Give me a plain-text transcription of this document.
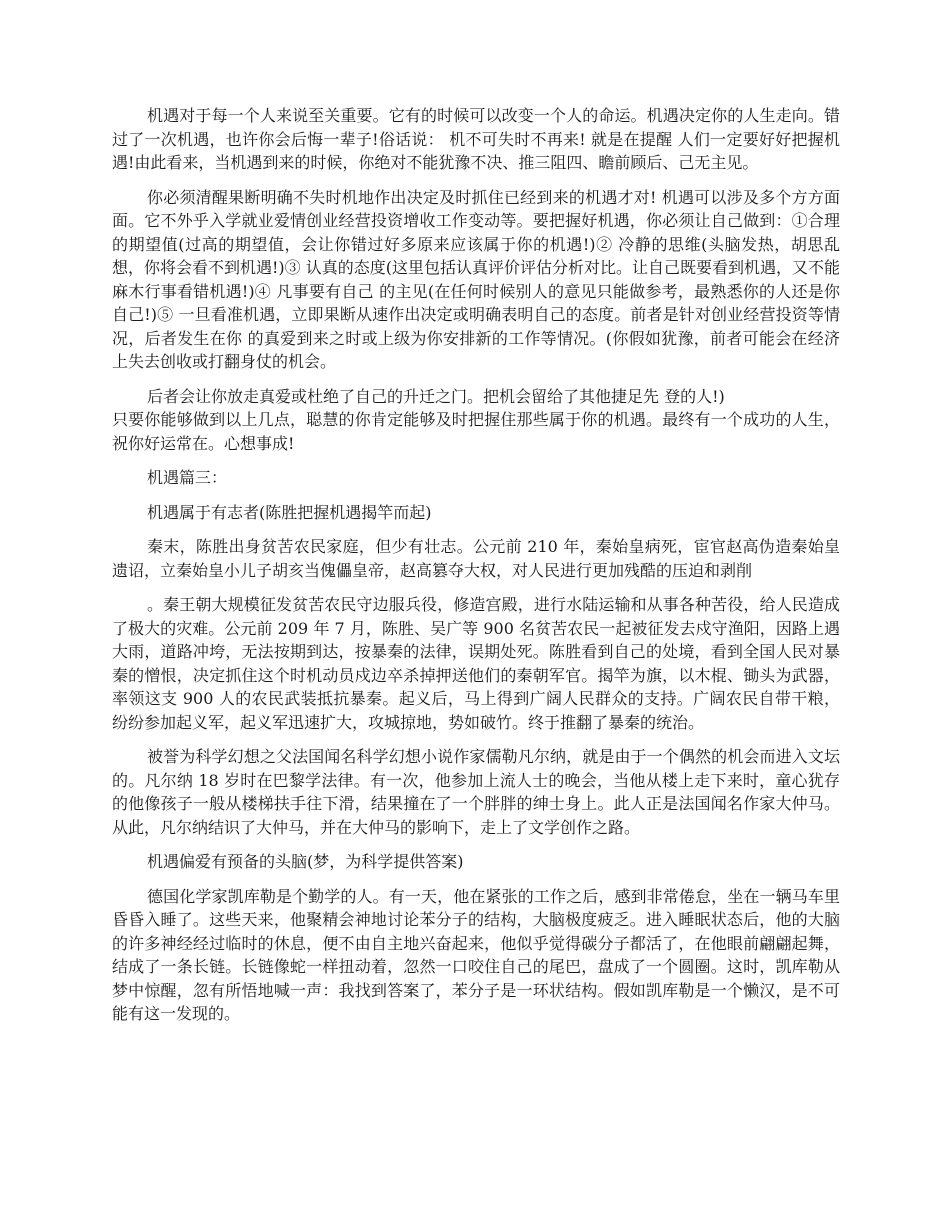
机遇对于每一个人来说至关重要。它有的时候可以改变一个人的命运。机遇决定你的人生走向。错过了一次机遇，也许你会后悔一辈子!俗话说： 机不可失时不再来! 就是在提醒 人们一定要好好把握机遇!由此看来，当机遇到来的时候，你绝对不能犹豫不决、推三阻四、瞻前顾后、己无主见。

你必须清醒果断明确不失时机地作出决定及时抓住已经到来的机遇才对! 机遇可以涉及多个方方面面。它不外乎入学就业爱情创业经营投资增收工作变动等。要把握好机遇，你必须让自己做到：①合理的期望值(过高的期望值，会让你错过好多原来应该属于你的机遇!)② 冷静的思维(头脑发热，胡思乱想，你将会看不到机遇!)③ 认真的态度(这里包括认真评价评估分析对比。让自己既要看到机遇，又不能麻木行事看错机遇!)④ 凡事要有自己 的主见(在任何时候别人的意见只能做参考，最熟悉你的人还是你自己!)⑤ 一旦看准机遇，立即果断从速作出决定或明确表明自己的态度。前者是针对创业经营投资等情况，后者发生在你 的真爱到来之时或上级为你安排新的工作等情况。(你假如犹豫，前者可能会在经济上失去创收或打翻身仗的机会。

后者会让你放走真爱或杜绝了自己的升迁之门。把机会留给了其他捷足先 登的人!)

只要你能够做到以上几点，聪慧的你肯定能够及时把握住那些属于你的机遇。最终有一个成功的人生，祝你好运常在。心想事成!

机遇篇三：

机遇属于有志者(陈胜把握机遇揭竿而起)

秦末，陈胜出身贫苦农民家庭，但少有壮志。公元前 210 年，秦始皇病死，宦官赵高伪造秦始皇遗诏，立秦始皇小儿子胡亥当傀儡皇帝，赵高篡夺大权，对人民进行更加残酷的压迫和剥削

。秦王朝大规模征发贫苦农民守边服兵役，修造宫殿，进行水陆运输和从事各种苦役，给人民造成了极大的灾难。公元前 209 年 7 月，陈胜、吴广等 900 名贫苦农民一起被征发去戍守渔阳，因路上遇大雨，道路冲垮，无法按期到达，按暴秦的法律，误期处死。陈胜看到自己的处境，看到全国人民对暴秦的憎恨，决定抓住这个时机动员戍边卒杀掉押送他们的秦朝军官。揭竿为旗，以木棍、锄头为武器，率领这支 900 人的农民武装抵抗暴秦。起义后，马上得到广阔人民群众的支持。广阔农民自带干粮，纷纷参加起义军，起义军迅速扩大，攻城掠地，势如破竹。终于推翻了暴秦的统治。

被誉为科学幻想之父法国闻名科学幻想小说作家儒勒凡尔纳，就是由于一个偶然的机会而进入文坛的。凡尔纳 18 岁时在巴黎学法律。有一次，他参加上流人士的晚会，当他从楼上走下来时，童心犹存的他像孩子一般从楼梯扶手往下滑，结果撞在了一个胖胖的绅士身上。此人正是法国闻名作家大仲马。从此，凡尔纳结识了大仲马，并在大仲马的影响下，走上了文学创作之路。

机遇偏爱有预备的头脑(梦，为科学提供答案)

德国化学家凯库勒是个勤学的人。有一天，他在紧张的工作之后，感到非常倦怠，坐在一辆马车里昏昏入睡了。这些天来，他聚精会神地讨论苯分子的结构，大脑极度疲乏。进入睡眠状态后，他的大脑的许多神经经过临时的休息，便不由自主地兴奋起来，他似乎觉得碳分子都活了，在他眼前翩翩起舞，结成了一条长链。长链像蛇一样扭动着，忽然一口咬住自己的尾巴，盘成了一个圆圈。这时，凯库勒从梦中惊醒，忽有所悟地喊一声：我找到答案了，苯分子是一环状结构。假如凯库勒是一个懒汉，是不可能有这一发现的。
